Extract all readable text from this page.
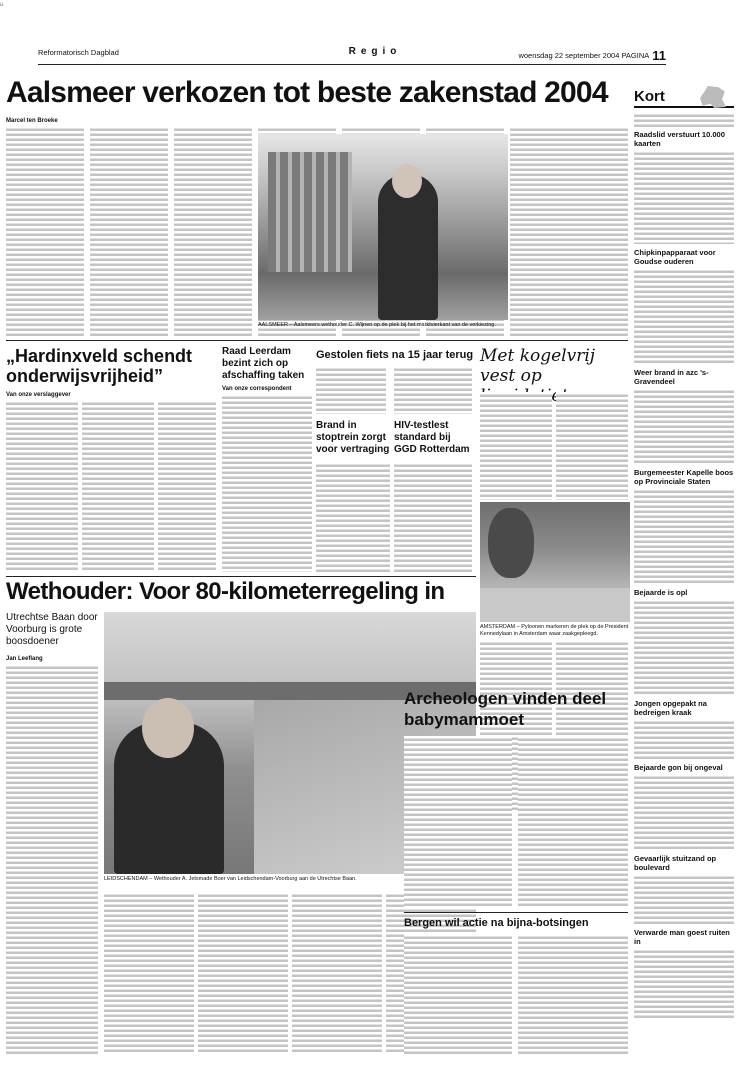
ii
Reformatorisch Dagblad	Regio	woensdag 22 september 2004 PAGINA 11
Kort
Raadslid verstuurt 10.000 kaarten
Chipkinpapparaat voor Goudse ouderen
Weer brand in azc 's-Gravendeel
Burgemeester Kapelle boos op Provinciale Staten
Bejaarde is opl
Jongen opgepakt na bedreigen kraak
Bejaarde gon bij ongeval
Gevaarlijk stuitzand op boulevard
Verwarde man goest ruiten in
Aalsmeer verkozen tot beste zakenstad 2004
Marcel ten Broeke
AALSMEER – Aalsmeers wethouder C. Wijnen op de plek bij het marktvierkant van de verkiezing.
„Hardinxveld schendt onderwijsvrijheid”
Van onze verslaggever
Raad Leerdam bezint zich op afschaffing taken
Van onze correspondent
Gestolen fiets na 15 jaar terug
Brand in stoptrein zorgt voor vertraging
HIV-testlest standard bij GGD Rotterdam
Met kogelvrij vest op
AMSTERDAM – Pyloonen markeren de plek op de President Kennedylaan in Amsterdam waar zaakgepleegd.
Wethouder: Voor 80-kilometerregeling in
Utrechtse Baan door Voorburg is grote boosdoener
Jan Leeflang
LEIDSCHENDAM – Wethouder A. Jetsmade Boer van Leidschendam-Voorburg aan de Utrechtse Baan.
Archeologen vinden deel babymammoet
Bergen wil actie na bijna-botsingen
